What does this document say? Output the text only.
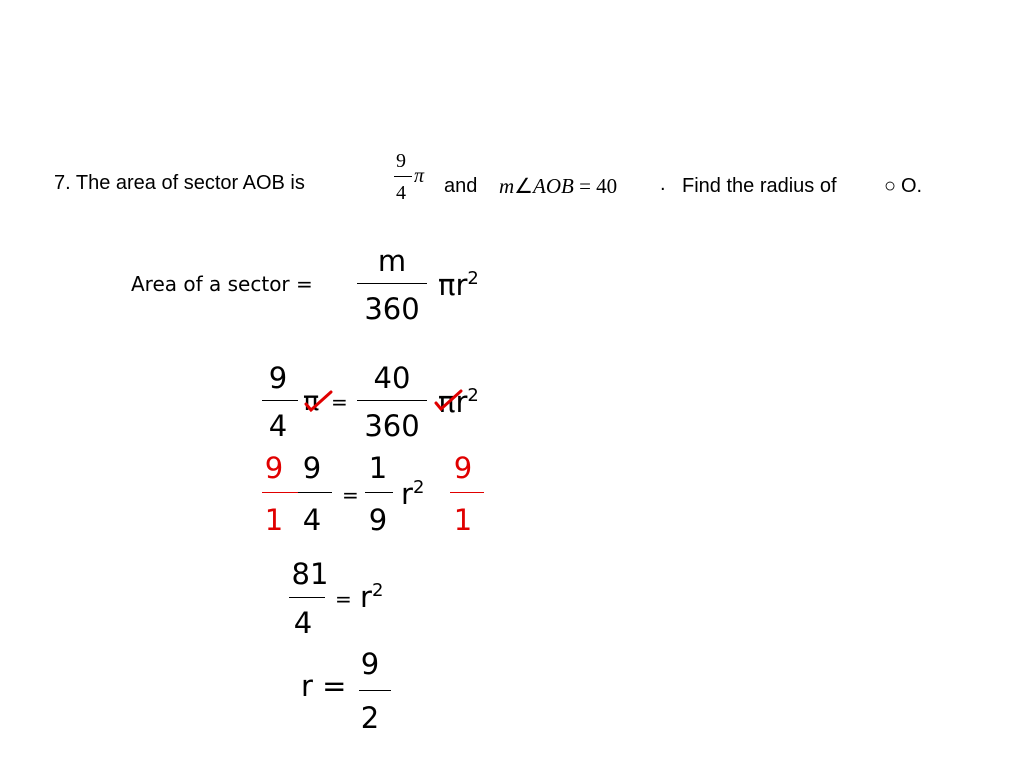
7. The area of sector AOB is
9
4
π and m∠AOB = 40 . Find the radius of ○ O.
Area of a sector =
m
360
$\pi r^2$
9
4
π =
40
360
$\pi r^2$
9
1
9
4
=
1
9
$r^2$
9
1
81
4
= $r^2$
r =
9
2
